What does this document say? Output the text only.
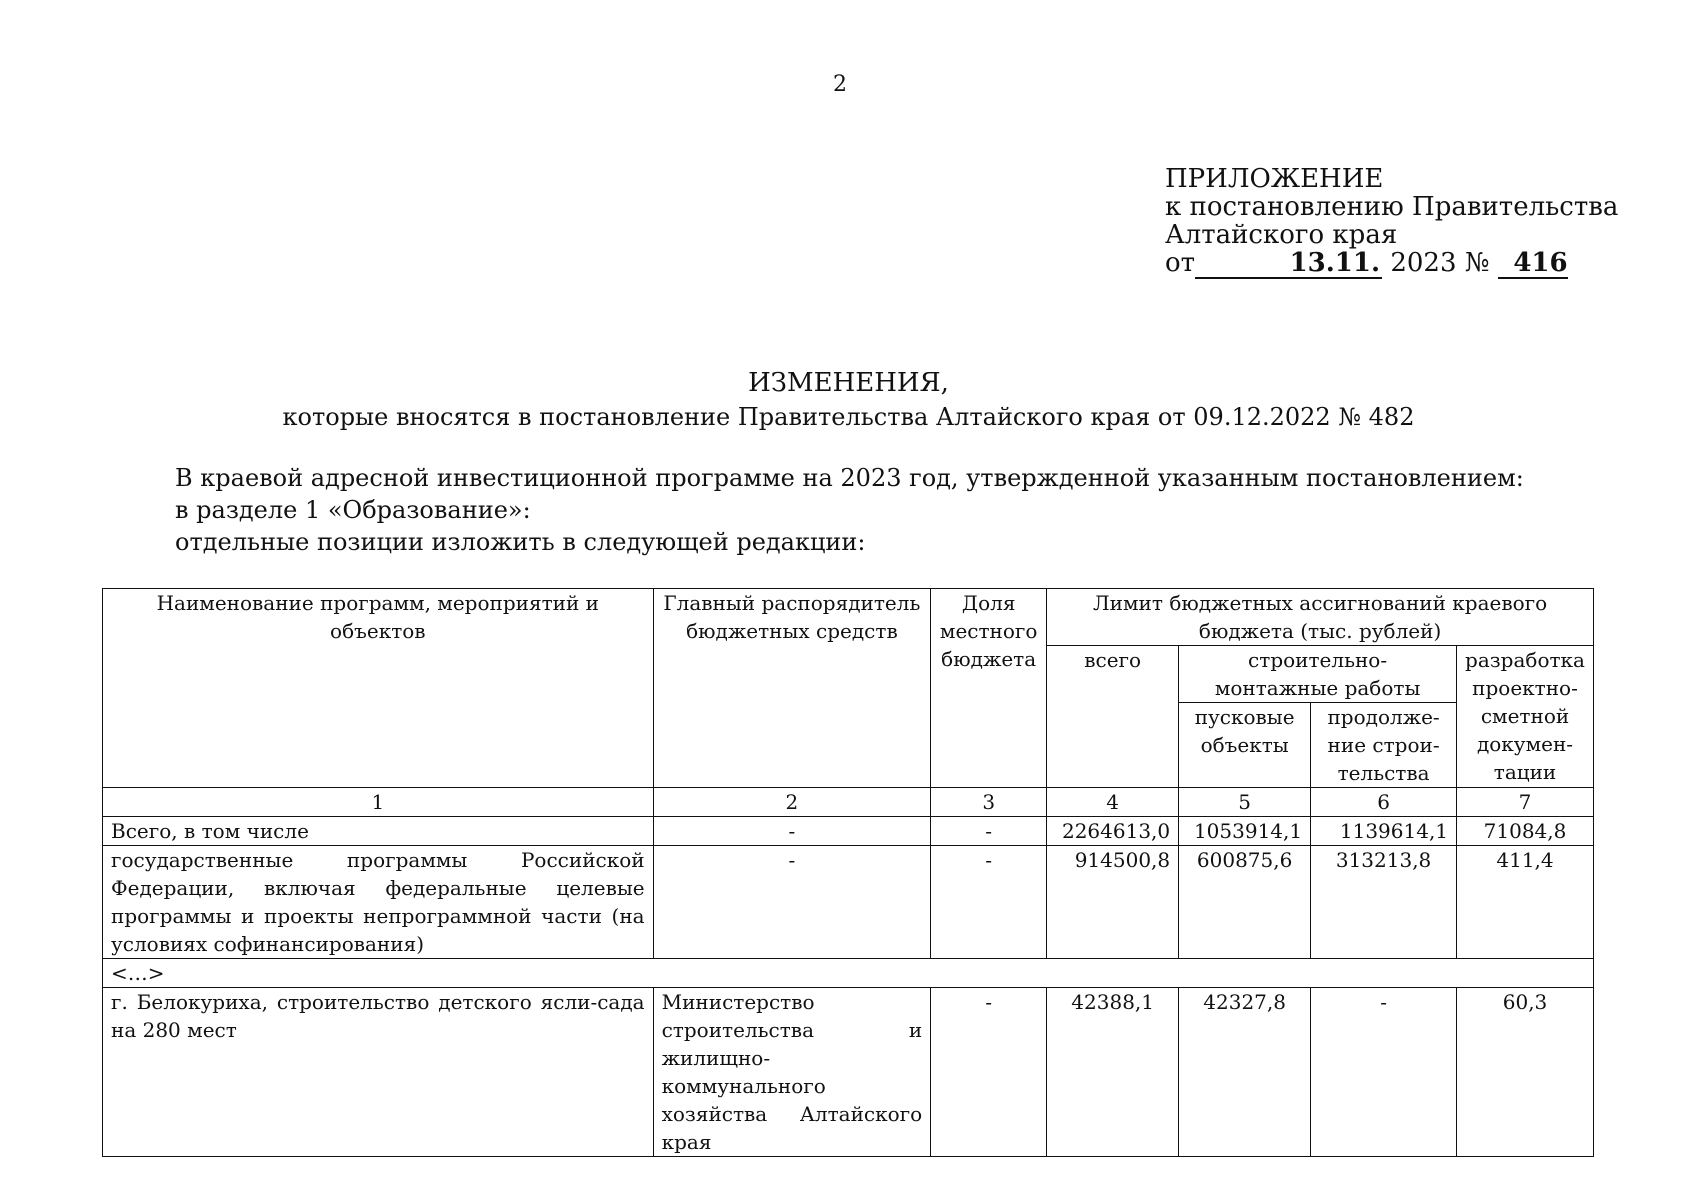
2
ПРИЛОЖЕНИЕ
к постановлению Правительства
Алтайского края
от	13.11. 2023 № 416
ИЗМЕНЕНИЯ,
которые вносятся в постановление Правительства Алтайского края от 09.12.2022 № 482
В краевой адресной инвестиционной программе на 2023 год, утвержденной указанным постановлением:
в разделе 1 «Образование»:
отдельные позиции изложить в следующей редакции:
Наименование программ, мероприятий и объектов	Главный распорядитель бюджетных средств	Доля местного бюджета	Лимит бюджетных ассигнований краевого бюджета (тыс. рублей)			
			всего	строительно-монтажные работы		разработка проектно-сметной докумен-тации
				пусковые объекты	продолже-ние строи-тельства	
1	2	3	4	5	6	7
Всего, в том числе	-	-	2264613,0	1053914,1	1139614,1	71084,8
государственные программы Российской Федерации, включая федеральные целевые программы и проекты непрограммной части (на условиях софинансирования)	-	-	914500,8	600875,6	313213,8	411,4
<…>						
г. Белокуриха, строительство детского ясли-сада на 280 мест	Министерство строительства и жилищно-коммунального хозяйства Алтайского края	-	42388,1	42327,8	-	60,3
